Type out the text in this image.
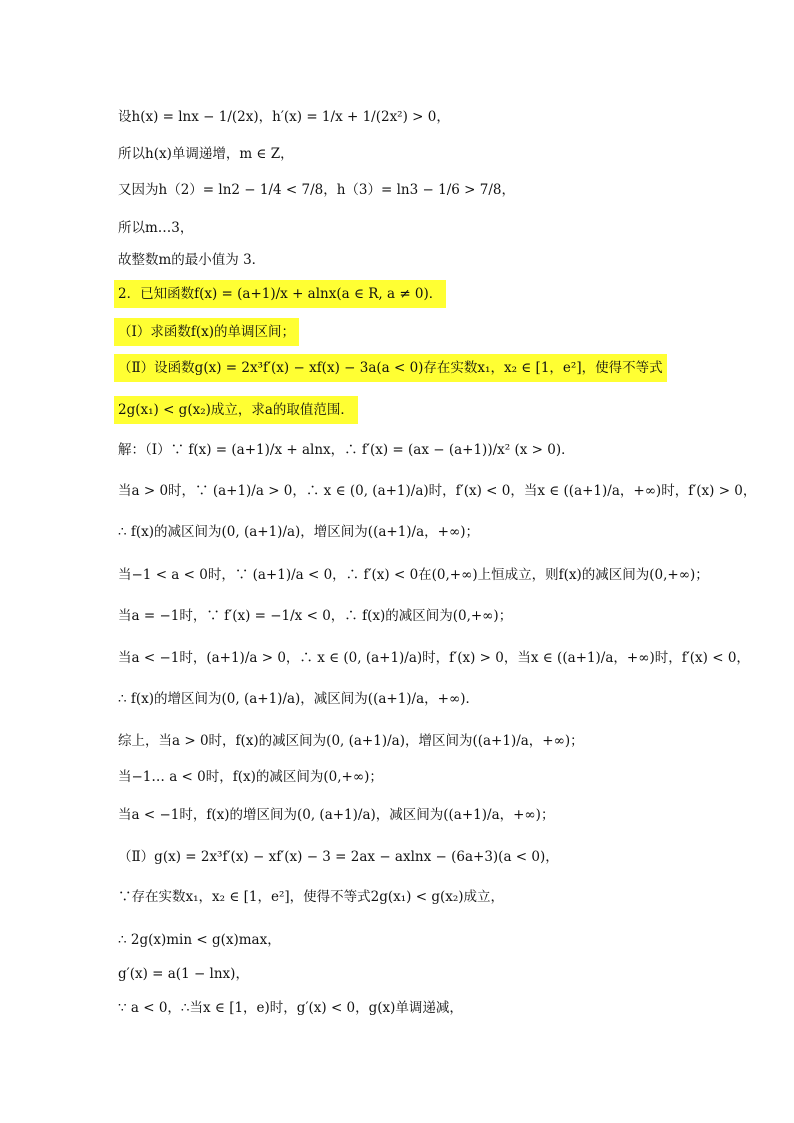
设h(x) = lnx − 1/(2x)，h′(x) = 1/x + 1/(2x²) > 0，
所以h(x)单调递增，m ∈ Z，
又因为h（2）= ln2 − 1/4 < 7/8，h（3）= ln3 − 1/6 > 7/8，
所以m…3，
故整数m的最小值为 3．
2．已知函数f(x) = (a+1)/x + alnx(a ∈ R, a ≠ 0)．
（Ⅰ）求函数f(x)的单调区间；
（Ⅱ）设函数g(x) = 2x³f′(x) − xf(x) − 3a(a < 0)存在实数x₁，x₂ ∈ [1，e²]，使得不等式
2g(x₁) < g(x₂)成立，求a的取值范围．
解：（Ⅰ）∵ f(x) = (a+1)/x + alnx，∴ f′(x) = (ax − (a+1))/x² (x > 0)．
当a > 0时，∵ (a+1)/a > 0，∴ x ∈ (0, (a+1)/a)时，f′(x) < 0，当x ∈ ((a+1)/a，+∞)时，f′(x) > 0，
∴ f(x)的减区间为(0, (a+1)/a)，增区间为((a+1)/a，+∞)；
当−1 < a < 0时，∵ (a+1)/a < 0，∴ f′(x) < 0在(0,+∞)上恒成立，则f(x)的减区间为(0,+∞)；
当a = −1时，∵ f′(x) = −1/x < 0，∴ f(x)的减区间为(0,+∞)；
当a < −1时，(a+1)/a > 0，∴ x ∈ (0, (a+1)/a)时，f′(x) > 0，当x ∈ ((a+1)/a，+∞)时，f′(x) < 0，
∴ f(x)的增区间为(0, (a+1)/a)，减区间为((a+1)/a，+∞)．
综上，当a > 0时，f(x)的减区间为(0, (a+1)/a)，增区间为((a+1)/a，+∞)；
当−1… a < 0时，f(x)的减区间为(0,+∞)；
当a < −1时，f(x)的增区间为(0, (a+1)/a)，减区间为((a+1)/a，+∞)；
（Ⅱ）g(x) = 2x³f′(x) − xf′(x) − 3 = 2ax − axlnx − (6a+3)(a < 0)，
∵存在实数x₁，x₂ ∈ [1，e²]，使得不等式2g(x₁) < g(x₂)成立，
∴ 2g(x)min < g(x)max，
g′(x) = a(1 − lnx)，
∵ a < 0，∴当x ∈ [1，e)时，g′(x) < 0，g(x)单调递减，
